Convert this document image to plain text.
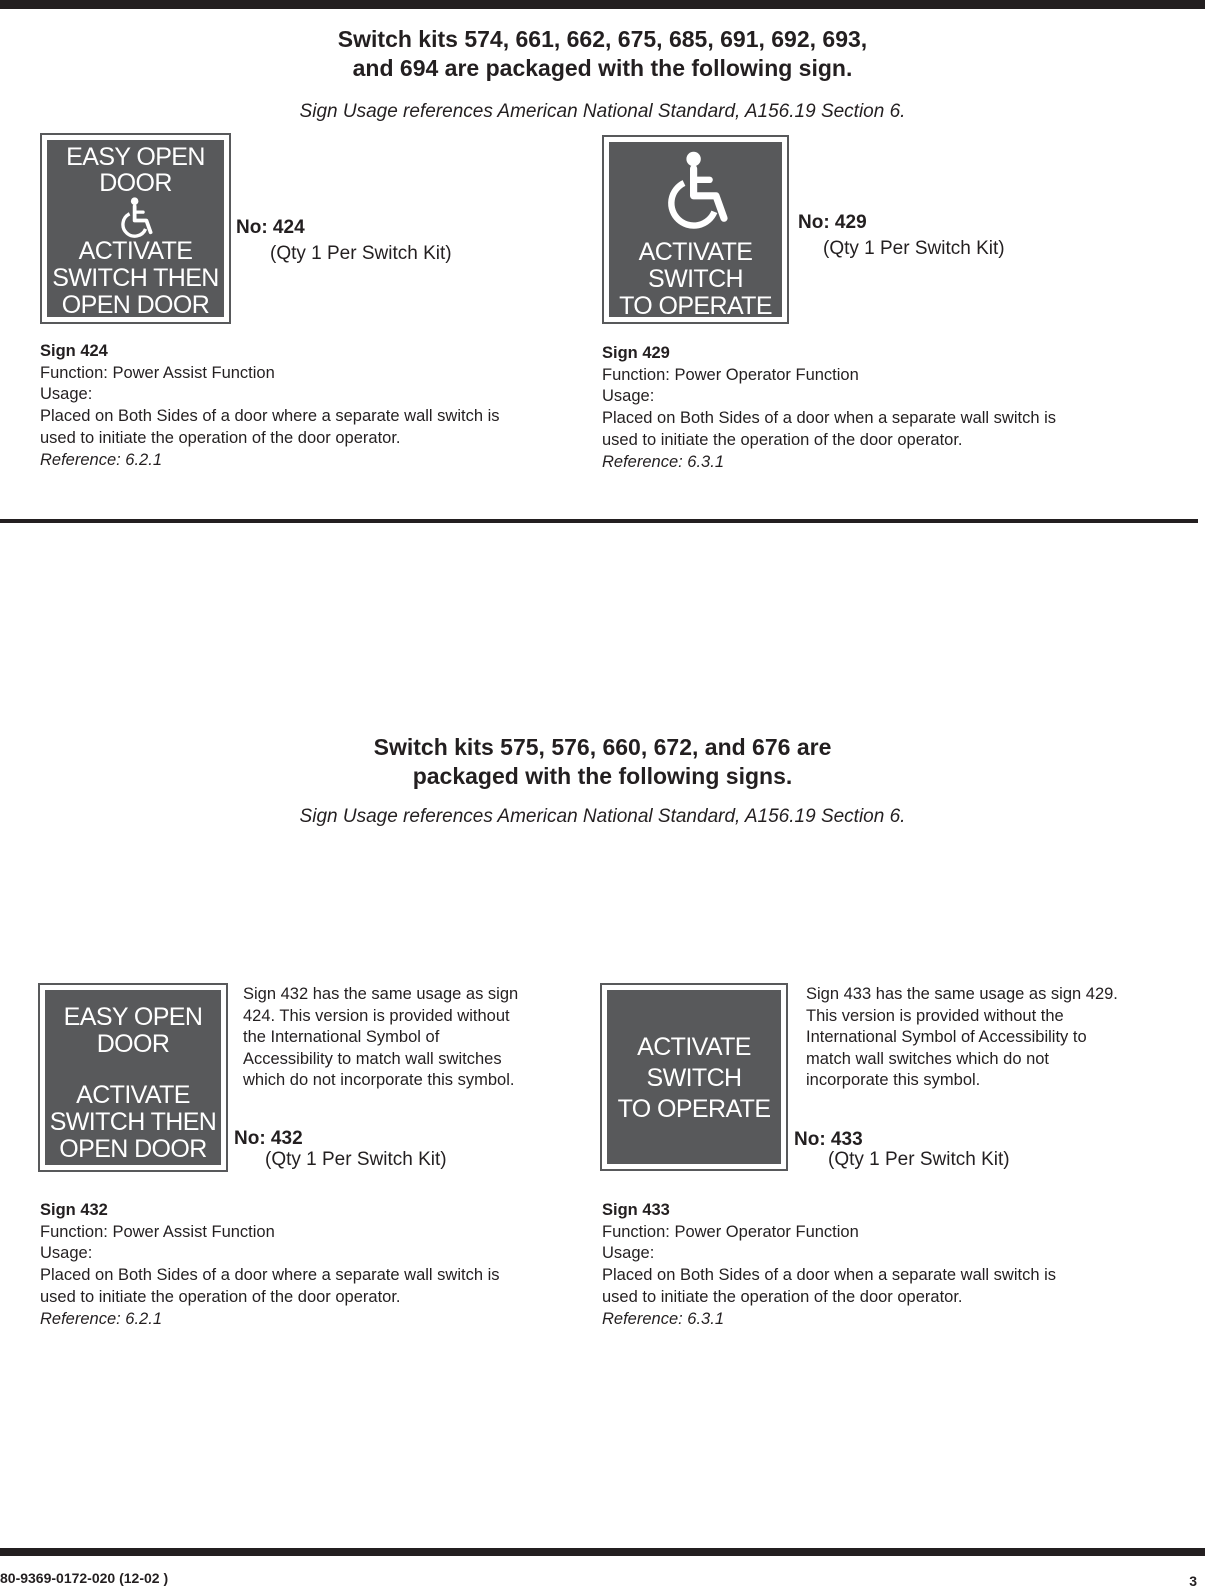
Switch kits 574, 661, 662, 675, 685, 691, 692, 693,
and 694 are packaged with the following sign.
Sign Usage references American National Standard, A156.19 Section 6.
EASY OPEN
DOOR
ACTIVATE
SWITCH THEN
OPEN DOOR
No: 424
(Qty 1 Per Switch Kit)
Sign 424
Function: Power Assist Function
Usage:
Placed on Both Sides of a door where a separate wall switch is
used to initiate the operation of the door operator.
Reference: 6.2.1
ACTIVATE
SWITCH
TO OPERATE
No: 429
(Qty 1 Per Switch Kit)
Sign 429
Function: Power Operator Function
Usage:
Placed on Both Sides of a door when a separate wall switch is
used to initiate the operation of the door operator.
Reference: 6.3.1
Switch kits 575, 576, 660, 672, and 676 are
packaged with the following signs.
Sign Usage references American National Standard, A156.19 Section 6.
EASY OPEN
DOOR
ACTIVATE
SWITCH THEN
OPEN DOOR
Sign 432 has the same usage as sign
424. This version is provided without
the International Symbol of
Accessibility to match wall switches
which do not incorporate this symbol.
No: 432
(Qty 1 Per Switch Kit)
Sign 432
Function: Power Assist Function
Usage:
Placed on Both Sides of a door where a separate wall switch is
used to initiate the operation of the door operator.
Reference: 6.2.1
ACTIVATE
SWITCH
TO OPERATE
Sign 433 has the same usage as sign 429.
This version is provided without the
International Symbol of Accessibility to
match wall switches which do not
incorporate this symbol.
No: 433
(Qty 1 Per Switch Kit)
Sign 433
Function: Power Operator Function
Usage:
Placed on Both Sides of a door when a separate wall switch is
used to initiate the operation of the door operator.
Reference: 6.3.1
80-9369-0172-020 (12-02 )	3
